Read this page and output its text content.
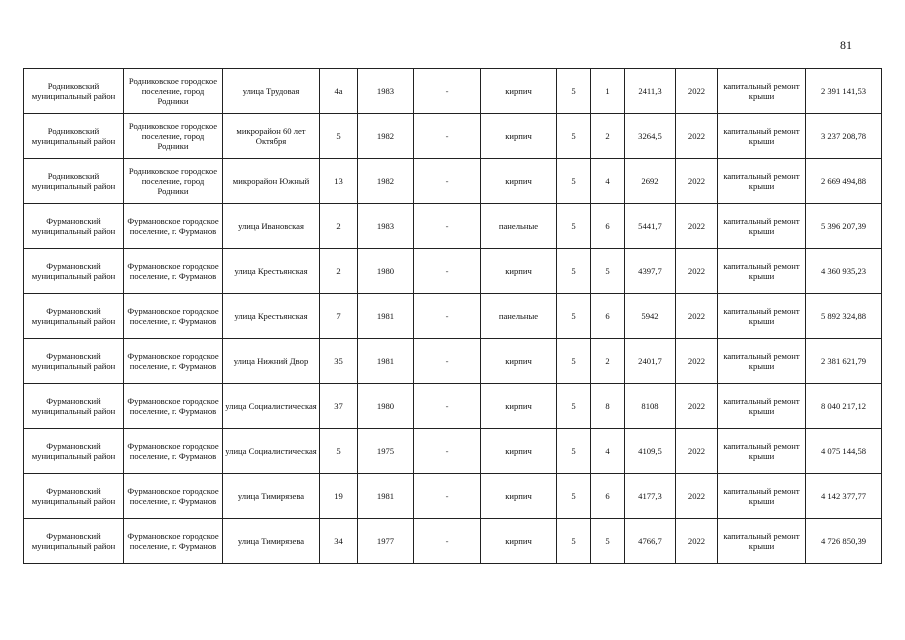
81
Родниковский муниципальный район	Родниковское городское поселение, город Родники	улица Трудовая	4а	1983	-	кирпич	5	1	2411,3	2022	капитальный ремонт крыши	2 391 141,53
Родниковский муниципальный район	Родниковское городское поселение, город Родники	микрорайон 60 лет Октября	5	1982	-	кирпич	5	2	3264,5	2022	капитальный ремонт крыши	3 237 208,78
Родниковский муниципальный район	Родниковское городское поселение, город Родники	микрорайон Южный	13	1982	-	кирпич	5	4	2692	2022	капитальный ремонт крыши	2 669 494,88
Фурмановский муниципальный район	Фурмановское городское поселение, г. Фурманов	улица Ивановская	2	1983	-	панельные	5	6	5441,7	2022	капитальный ремонт крыши	5 396 207,39
Фурмановский муниципальный район	Фурмановское городское поселение, г. Фурманов	улица Крестьянская	2	1980	-	кирпич	5	5	4397,7	2022	капитальный ремонт крыши	4 360 935,23
Фурмановский муниципальный район	Фурмановское городское поселение, г. Фурманов	улица Крестьянская	7	1981	-	панельные	5	6	5942	2022	капитальный ремонт крыши	5 892 324,88
Фурмановский муниципальный район	Фурмановское городское поселение, г. Фурманов	улица Нижний Двор	35	1981	-	кирпич	5	2	2401,7	2022	капитальный ремонт крыши	2 381 621,79
Фурмановский муниципальный район	Фурмановское городское поселение, г. Фурманов	улица Социалистическая	37	1980	-	кирпич	5	8	8108	2022	капитальный ремонт крыши	8 040 217,12
Фурмановский муниципальный район	Фурмановское городское поселение, г. Фурманов	улица Социалистическая	5	1975	-	кирпич	5	4	4109,5	2022	капитальный ремонт крыши	4 075 144,58
Фурмановский муниципальный район	Фурмановское городское поселение, г. Фурманов	улица Тимирязева	19	1981	-	кирпич	5	6	4177,3	2022	капитальный ремонт крыши	4 142 377,77
Фурмановский муниципальный район	Фурмановское городское поселение, г. Фурманов	улица Тимирязева	34	1977	-	кирпич	5	5	4766,7	2022	капитальный ремонт крыши	4 726 850,39
